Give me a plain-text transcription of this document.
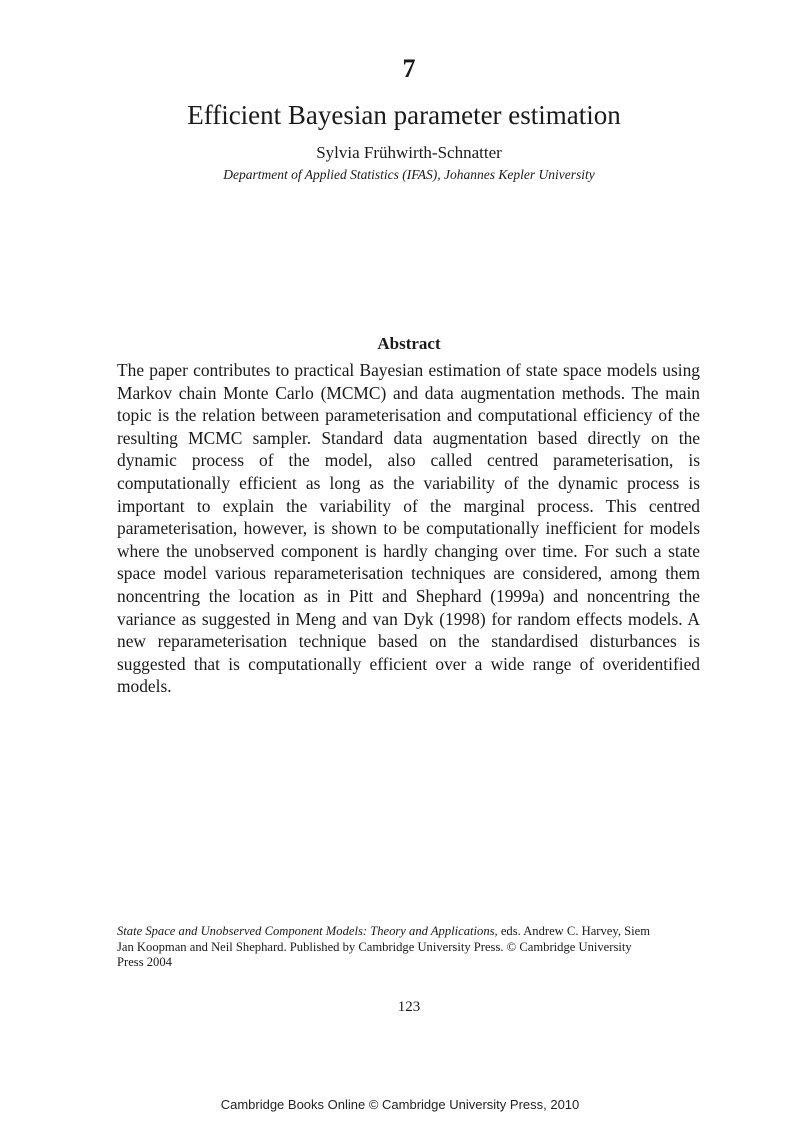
7
Efficient Bayesian parameter estimation
Sylvia Frühwirth-Schnatter
Department of Applied Statistics (IFAS), Johannes Kepler University
Abstract

The paper contributes to practical Bayesian estimation of state space models using Markov chain Monte Carlo (MCMC) and data augmentation methods. The main topic is the relation between parameterisation and computational efficiency of the resulting MCMC sampler. Standard data augmentation based directly on the dynamic process of the model, also called centred parameterisation, is computationally efficient as long as the variability of the dynamic process is important to explain the variability of the marginal process. This centred parameterisation, however, is shown to be computationally inefficient for models where the unobserved component is hardly changing over time. For such a state space model various reparameterisation techniques are considered, among them noncentring the location as in Pitt and Shephard (1999a) and noncentring the variance as suggested in Meng and van Dyk (1998) for random effects models. A new reparameterisation technique based on the standardised disturbances is suggested that is computationally efficient over a wide range of overidentified models.

State Space and Unobserved Component Models: Theory and Applications, eds. Andrew C. Harvey, Siem Jan Koopman and Neil Shephard. Published by Cambridge University Press. © Cambridge University Press 2004

123
Cambridge Books Online © Cambridge University Press, 2010
